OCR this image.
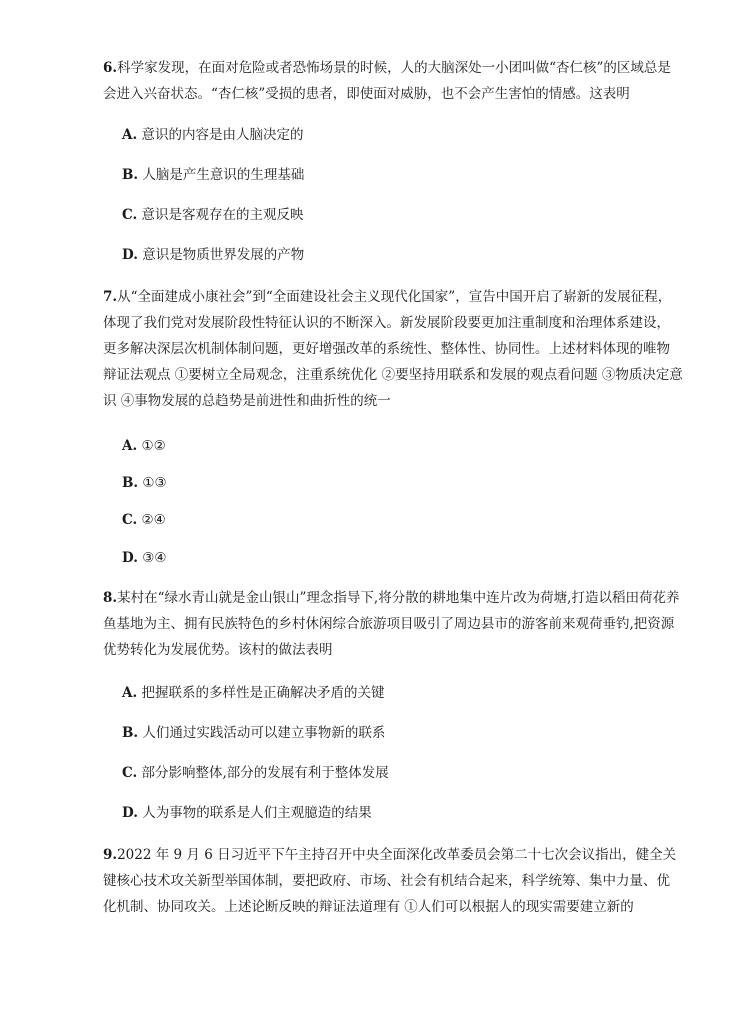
6.科学家发现，在面对危险或者恐怖场景的时候，人的大脑深处一小团叫做“杏仁核”的区域总是会进入兴奋状态。“杏仁核”受损的患者，即使面对威胁，也不会产生害怕的情感。这表明
A. 意识的内容是由人脑决定的
B. 人脑是产生意识的生理基础
C. 意识是客观存在的主观反映
D. 意识是物质世界发展的产物
7.从“全面建成小康社会”到“全面建设社会主义现代化国家”，宣告中国开启了崭新的发展征程，体现了我们党对发展阶段性特征认识的不断深入。新发展阶段要更加注重制度和治理体系建设，更多解决深层次机制体制问题，更好增强改革的系统性、整体性、协同性。上述材料体现的唯物辩证法观点 ①要树立全局观念，注重系统优化 ②要坚持用联系和发展的观点看问题 ③物质决定意识 ④事物发展的总趋势是前进性和曲折性的统一
A. ①②
B. ①③
C. ②④
D. ③④
8.某村在“绿水青山就是金山银山”理念指导下,将分散的耕地集中连片改为荷塘,打造以稻田荷花养鱼基地为主、拥有民族特色的乡村休闲综合旅游项目吸引了周边县市的游客前来观荷垂钓,把资源优势转化为发展优势。该村的做法表明
A. 把握联系的多样性是正确解决矛盾的关键
B. 人们通过实践活动可以建立事物新的联系
C. 部分影响整体,部分的发展有利于整体发展
D. 人为事物的联系是人们主观臆造的结果
9.2022 年 9 月 6 日习近平下午主持召开中央全面深化改革委员会第二十七次会议指出，健全关键核心技术攻关新型举国体制，要把政府、市场、社会有机结合起来，科学统筹、集中力量、优化机制、协同攻关。上述论断反映的辩证法道理有 ①人们可以根据人的现实需要建立新的
